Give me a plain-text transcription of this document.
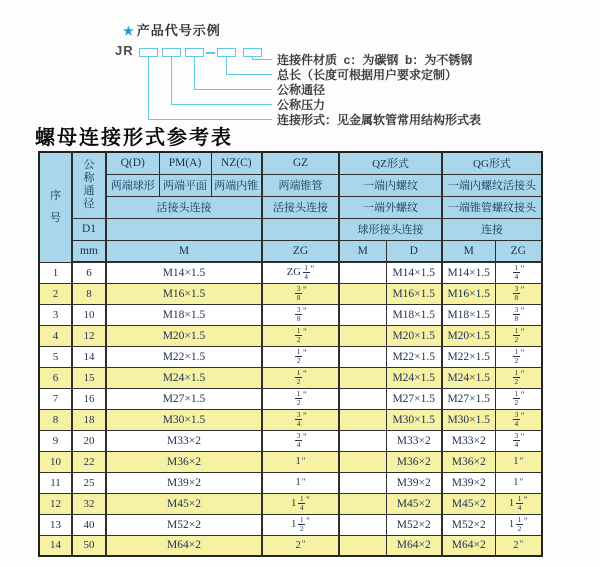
★ 产品代号示例
JR
连接件材质  c：为碳钢  b：为不锈钢
总长（长度可根据用户要求定制）
公称通径
公称压力
连接形式：见金属软管常用结构形式表
螺母连接形式参考表
序
号

公
称
通
径
	Q(D)	PM(A)	NZ(C)	GZ	QZ形式	QG形式
		两端球形	两端平面	两端内锥	两端锥管	一端内螺纹		一端内螺纹活接头	
		活接头连接			活接头连接	一端外螺纹		一端锥管螺纹接头	
	D1					球形接头连接		连接	
	mm	M			ZG	M	D	M	ZG
1	6	M14×1.5			ZG $\frac{1}{4} ^"$		M14×1.5	M14×1.5	$\frac{1}{4} ^"$
2	8	M16×1.5			$\frac{3}{8} ^"$		M16×1.5	M16×1.5	$\frac{3}{8} ^"$
3	10	M18×1.5			$\frac{3}{8} ^"$		M18×1.5	M18×1.5	$\frac{3}{8} ^"$
4	12	M20×1.5			$\frac{1}{2} ^"$		M20×1.5	M20×1.5	$\frac{1}{2} ^"$
5	14	M22×1.5			$\frac{1}{2} ^"$		M22×1.5	M22×1.5	$\frac{1}{2} ^"$
6	15	M24×1.5			$\frac{1}{2} ^"$		M24×1.5	M24×1.5	$\frac{1}{2} ^"$
7	16	M27×1.5			$\frac{1}{2} ^"$		M27×1.5	M27×1.5	$\frac{1}{2} ^"$
8	18	M30×1.5			$\frac{3}{4} ^"$		M30×1.5	M30×1.5	$\frac{3}{4} ^"$
9	20	M33×2			$\frac{3}{4} ^"$		M33×2	M33×2	$\frac{3}{4} ^"$
10	22	M36×2			1"		M36×2	M36×2	1"
11	25	M39×2			1"		M39×2	M39×2	1"
12	32	M45×2			$1 \frac{1}{4} ^"$		M45×2	M45×2	$1 \frac{1}{4} ^"$
13	40	M52×2			$1 \frac{1}{2} ^"$		M52×2	M52×2	$1 \frac{1}{2} ^"$
14	50	M64×2			2"		M64×2	M64×2	2"
